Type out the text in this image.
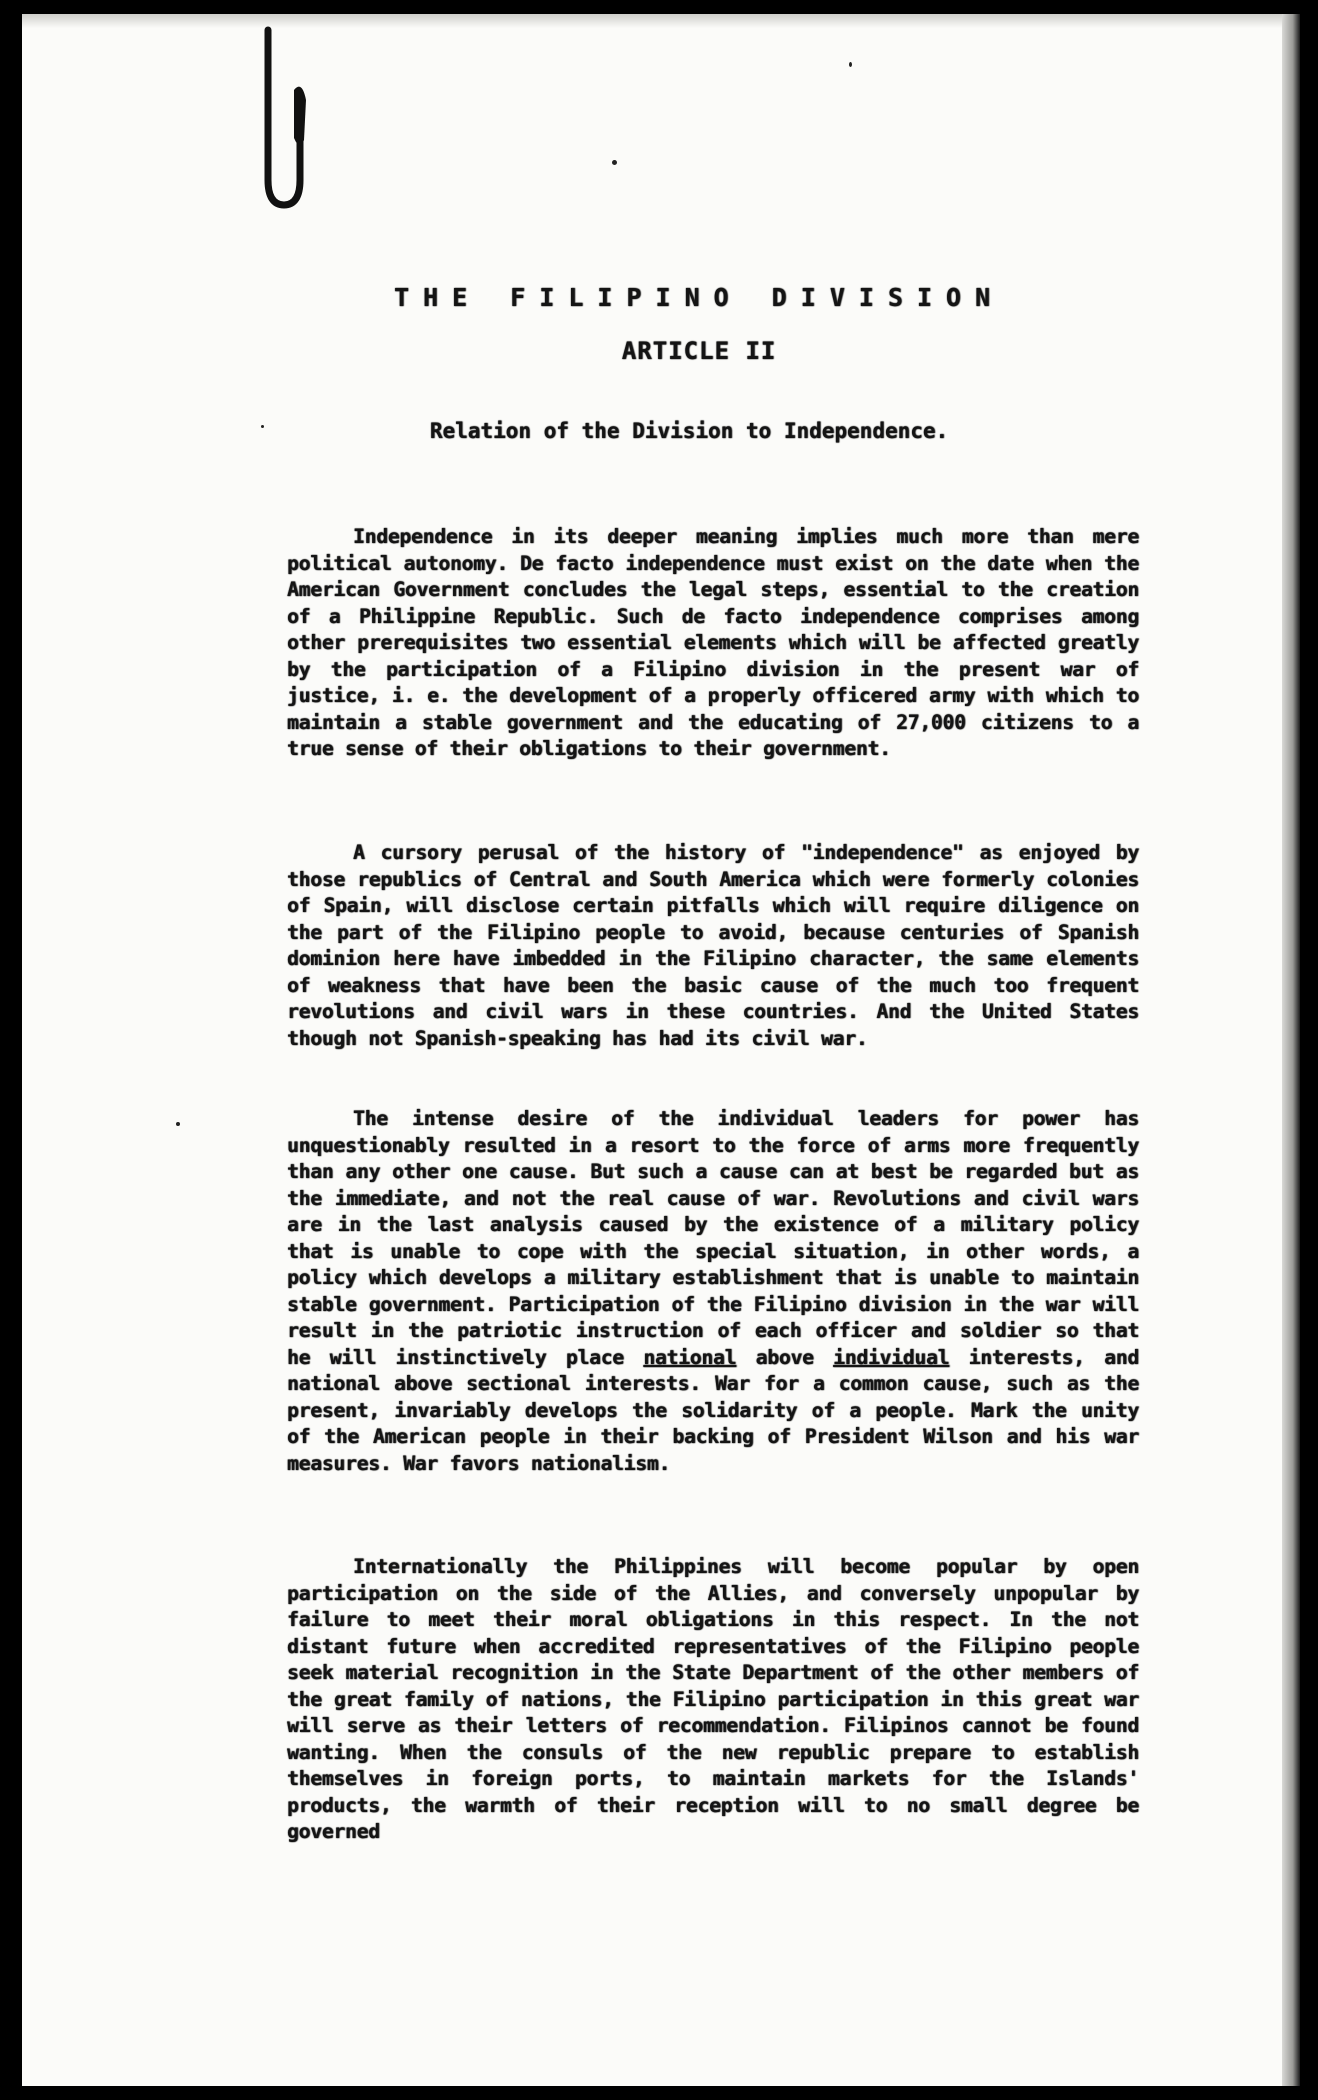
THE FILIPINO DIVISION
ARTICLE II
Relation of the Division to Independence.

Independence in its deeper meaning implies much more than mere political autonomy. De facto independence must exist on the date when the American Government concludes the legal steps, essential to the creation of a Philippine Republic. Such de facto independence comprises among other prerequisites two essential elements which will be affected greatly by the participation of a Filipino division in the present war of justice, i. e. the development of a properly officered army with which to maintain a stable government and the educating of 27,000 citizens to a true sense of their obligations to their government.

A cursory perusal of the history of "independence" as enjoyed by those republics of Central and South America which were formerly colonies of Spain, will disclose certain pitfalls which will require diligence on the part of the Filipino people to avoid, because centuries of Spanish dominion here have imbedded in the Filipino character, the same elements of weakness that have been the basic cause of the much too frequent revolutions and civil wars in these countries. And the United States though not Spanish-speaking has had its civil war.

The intense desire of the individual leaders for power has unquestionably resulted in a resort to the force of arms more frequently than any other one cause. But such a cause can at best be regarded but as the immediate, and not the real cause of war. Revolutions and civil wars are in the last analysis caused by the existence of a military policy that is unable to cope with the special situation, in other words, a policy which develops a military establishment that is unable to maintain stable government. Participation of the Filipino division in the war will result in the patriotic instruction of each officer and soldier so that he will instinctively place national above individual interests, and national above sectional interests. War for a common cause, such as the present, invariably develops the solidarity of a people. Mark the unity of the American people in their backing of President Wilson and his war measures. War favors nationalism.

Internationally the Philippines will become popular by open participation on the side of the Allies, and conversely unpopular by failure to meet their moral obligations in this respect. In the not distant future when accredited representatives of the Filipino people seek material recognition in the State Department of the other members of the great family of nations, the Filipino participation in this great war will serve as their letters of recommendation. Filipinos cannot be found wanting. When the consuls of the new republic prepare to establish themselves in foreign ports, to maintain markets for the Islands' products, the warmth of their reception will to no small degree be governed
